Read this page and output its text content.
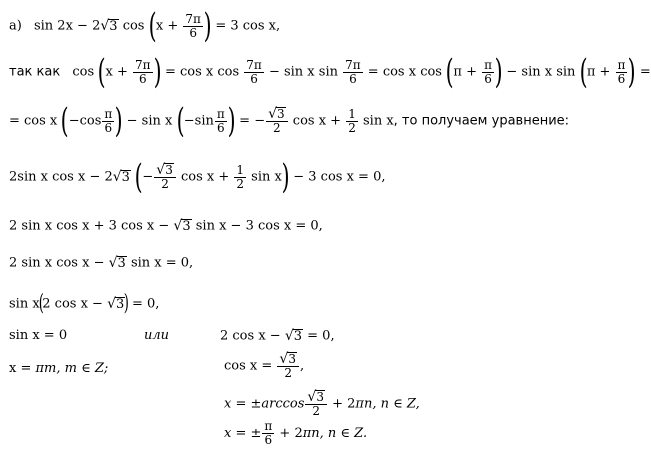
а) sin 2x − 2√3 $\cos (x + \frac{7\pi}{6}$ ) = 3 cos x,
так как $\cos (x + \frac{7\pi}{6}$ ) = cos x $\cos \frac{7\pi}{6} - \sin x$ $\sin \frac{7\pi}{6} = \cos x$ $\cos (\pi + \frac{\pi}{6}$ ) − sin x $\sin (\pi + \frac{\pi}{6}$ ) =
= cos x ($-\cos \frac{\pi}{6}$ ) − sin x ($-\sin \frac{\pi}{6}$ ) = − $\frac{√3}{2}$ $\cos x + \frac{1}{2}$ sin x, то получаем уравнение:
2sin x cos x − 2√3 (− $\frac{√3}{2}$ $\cos x + \frac{1}{2}$ sin x) − 3 cos x = 0,
2 sin x cos x + 3 cos x − √3 sin x − 3 cos x = 0,
2 sin x cos x − √3 sin x = 0,
sin x(2 cos x − √3) = 0,
sin x = 0	или	2 cos x − √3 = 0,
x = πm, m ∈ Z;	$\cos x = \frac{√3}{2}$ ,
$x = \pm\arccos \frac{√3}{2} + 2\pi n$, n ∈ Z,
x = ± $\frac{\pi}{6} + 2\pi n$, n ∈ Z.
